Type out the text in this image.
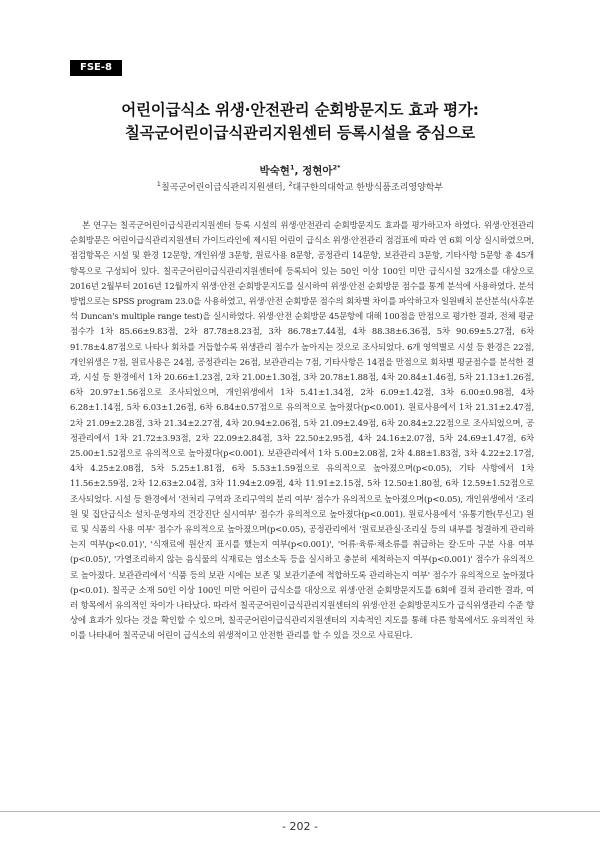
FSE-8
어린이급식소 위생·안전관리 순회방문지도 효과 평가:
칠곡군어린이급식관리지원센터 등록시설을 중심으로
박숙현$^1$, 정현아$^{2*}$
$^1$칠곡군어린이급식관리지원센터, $^2$대구한의대학교 한방식품조리영양학부

본 연구는 칠곡군어린이급식관리지원센터 등록 시설의 위생·안전관리 순회방문지도 효과를 평가하고자 하였다. 위생·안전관리 순회방문은 어린이급식관리지원센터 가이드라인에 제시된 어린이 급식소 위생·안전관리 점검표에 따라 연 6회 이상 실시하였으며, 점검항목은 시설 및 환경 12문항, 개인위생 3문항, 원료사용 8문항, 공정관리 14문항, 보관관리 3문항, 기타사항 5문항 총 45개 항목으로 구성되어 있다. 칠곡군어린이급식관리지원센터에 등록되어 있는 50인 이상 100인 미만 급식시설 32개소를 대상으로 2016년 2월부터 2016년 12월까지 위생·안전 순회방문지도를 실시하여 위생·안전 순회방문 점수를 통계 분석에 사용하였다. 분석방법으로는 SPSS program 23.0을 사용하였고, 위생·안전 순회방문 점수의 회차별 차이를 파악하고자 일원배치 분산분석(사후분석 Duncan's multiple range test)을 실시하였다. 위생·안전 순회방문 45문항에 대해 100점을 만점으로 평가한 결과, 전체 평균점수가 1차 85.66±9.83점, 2차 87.78±8.23점, 3차 86.78±7.44점, 4차 88.38±6.36점, 5차 90.69±5.27점, 6차 91.78±4.87점으로 나타나 회차를 거듭할수록 위생관리 점수가 높아지는 것으로 조사되었다. 6개 영역별로 시설 등 환경은 22점, 개인위생은 7점, 원료사용은 24점, 공정관리는 26점, 보관관리는 7점, 기타사항은 14점을 만점으로 회차별 평균점수를 분석한 결과, 시설 등 환경에서 1차 20.66±1.23점, 2차 21.00±1.30점, 3차 20.78±1.88점, 4차 20.84±1.46점, 5차 21.13±1.26점, 6차 20.97±1.56점으로 조사되었으며, 개인위생에서 1차 5.41±1.34점, 2차 6.09±1.42점, 3차 6.00±0.98점, 4차 6.28±1.14점, 5차 6.03±1.26점, 6차 6.84±0.57점으로 유의적으로 높아졌다(p<0.001). 원료사용에서 1차 21.31±2.47점, 2차 21.09±2.28점, 3차 21.34±2.27점, 4차 20.94±2.06점, 5차 21.09±2.49점, 6차 20.84±2.22점으로 조사되었으며, 공정관리에서 1차 21.72±3.93점, 2차 22.09±2.84점, 3차 22.50±2.95점, 4차 24.16±2.07점, 5차 24.69±1.47점, 6차 25.00±1.52점으로 유의적으로 높아졌다(p<0.001). 보관관리에서 1차 5.00±2.08점, 2차 4.88±1.83점, 3차 4.22±2.17점, 4차 4.25±2.08점, 5차 5.25±1.81점, 6차 5.53±1.59점으로 유의적으로 높아졌으며(p<0.05), 기타 사항에서 1차 11.56±2.59점, 2차 12.63±2.04점, 3차 11.94±2.09점, 4차 11.91±2.15점, 5차 12.50±1.80점, 6차 12.59±1.52점으로 조사되었다. 시설 등 환경에서 '전처리 구역과 조리구역의 분리 여부' 점수가 유의적으로 높아졌으며(p<0.05), 개인위생에서 '조리원 및 집단급식소 설치·운영자의 건강진단 실시여부' 점수가 유의적으로 높아졌다(p<0.001). 원료사용에서 '유통기한(무신고) 원료 및 식품의 사용 여부' 점수가 유의적으로 높아졌으며(p<0.05), 공정관리에서 '원료보관실·조리실 등의 내부를 청결하게 관리하는지 여부(p<0.01)', '식재료에 원산지 표시를 했는지 여부(p<0.001)', '어류·육류·채소류를 취급하는 칼·도마 구분 사용 여부(p<0.05)', '가열조리하지 않는 음식물의 식재료는 염소소독 등을 실시하고 충분히 세척하는지 여부(p<0.001)' 점수가 유의적으로 높아졌다. 보관관리에서 '식품 등의 보관 시에는 보존 및 보관기준에 적합하도록 관리하는지 여부' 점수가 유의적으로 높아졌다(p<0.01). 칠곡군 소재 50인 이상 100인 미만 어린이 급식소를 대상으로 위생·안전 순회방문지도를 6회에 걸쳐 관리한 결과, 여러 항목에서 유의적인 차이가 나타났다. 따라서 칠곡군어린이급식관리지원센터의 위생·안전 순회방문지도가 급식위생관리 수준 향상에 효과가 있다는 것을 확인할 수 있으며, 칠곡군어린이급식관리지원센터의 지속적인 지도를 통해 다른 항목에서도 유의적인 차이를 나타내어 칠곡군내 어린이 급식소의 위생적이고 안전한 관리를 할 수 있을 것으로 사료된다.

- 202 -
